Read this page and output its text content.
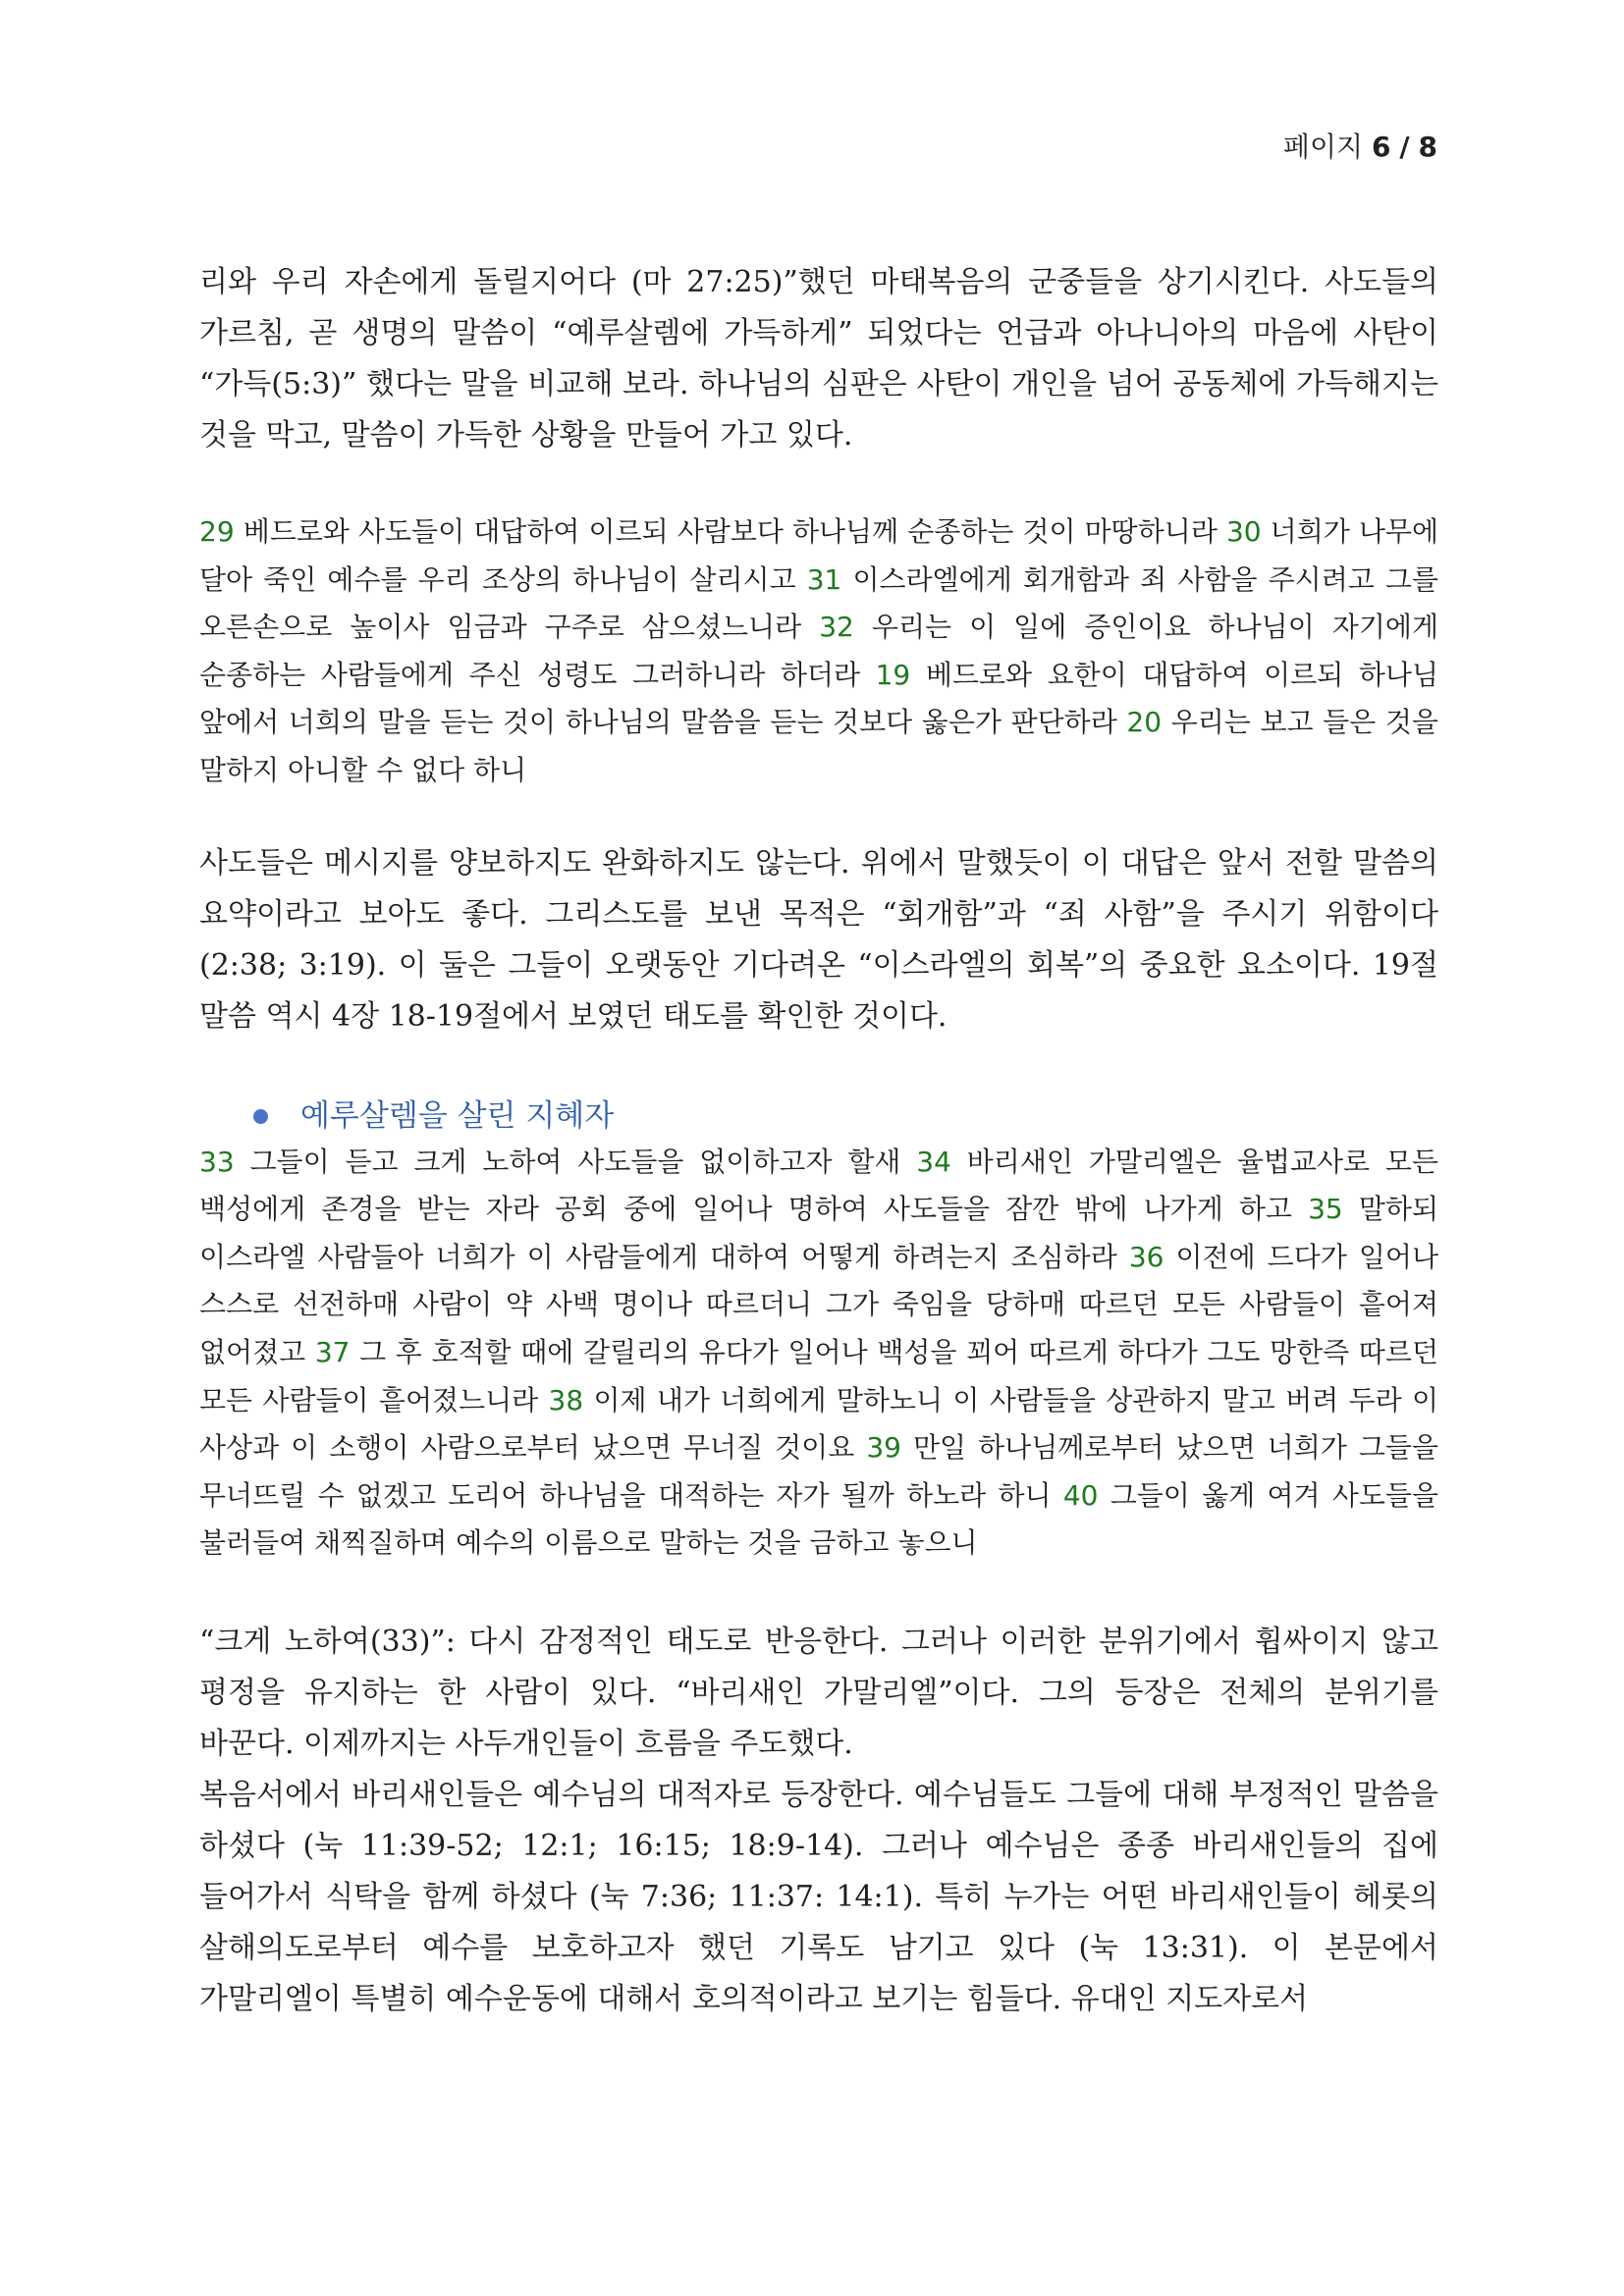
페이지 6 / 8

리와 우리 자손에게 돌릴지어다 (마 27:25)”했던 마태복음의 군중들을 상기시킨다. 사도들의 가르침, 곧 생명의 말씀이 “예루살렘에 가득하게” 되었다는 언급과 아나니아의 마음에 사탄이 “가득(5:3)” 했다는 말을 비교해 보라. 하나님의 심판은 사탄이 개인을 넘어 공동체에 가득해지는 것을 막고, 말씀이 가득한 상황을 만들어 가고 있다.

29 베드로와 사도들이 대답하여 이르되 사람보다 하나님께 순종하는 것이 마땅하니라 30 너희가 나무에 달아 죽인 예수를 우리 조상의 하나님이 살리시고 31 이스라엘에게 회개함과 죄 사함을 주시려고 그를 오른손으로 높이사 임금과 구주로 삼으셨느니라 32 우리는 이 일에 증인이요 하나님이 자기에게 순종하는 사람들에게 주신 성령도 그러하니라 하더라 19 베드로와 요한이 대답하여 이르되 하나님 앞에서 너희의 말을 듣는 것이 하나님의 말씀을 듣는 것보다 옳은가 판단하라 20 우리는 보고 들은 것을 말하지 아니할 수 없다 하니

사도들은 메시지를 양보하지도 완화하지도 않는다. 위에서 말했듯이 이 대답은 앞서 전할 말씀의 요약이라고 보아도 좋다. 그리스도를 보낸 목적은 “회개함”과 “죄 사함”을 주시기 위함이다 (2:38; 3:19). 이 둘은 그들이 오랫동안 기다려온 “이스라엘의 회복”의 중요한 요소이다. 19절 말씀 역시 4장 18-19절에서 보였던 태도를 확인한 것이다.

예루살렘을 살린 지혜자

33 그들이 듣고 크게 노하여 사도들을 없이하고자 할새 34 바리새인 가말리엘은 율법교사로 모든 백성에게 존경을 받는 자라 공회 중에 일어나 명하여 사도들을 잠깐 밖에 나가게 하고 35 말하되 이스라엘 사람들아 너희가 이 사람들에게 대하여 어떻게 하려는지 조심하라 36 이전에 드다가 일어나 스스로 선전하매 사람이 약 사백 명이나 따르더니 그가 죽임을 당하매 따르던 모든 사람들이 흩어져 없어졌고 37 그 후 호적할 때에 갈릴리의 유다가 일어나 백성을 꾀어 따르게 하다가 그도 망한즉 따르던 모든 사람들이 흩어졌느니라 38 이제 내가 너희에게 말하노니 이 사람들을 상관하지 말고 버려 두라 이 사상과 이 소행이 사람으로부터 났으면 무너질 것이요 39 만일 하나님께로부터 났으면 너희가 그들을 무너뜨릴 수 없겠고 도리어 하나님을 대적하는 자가 될까 하노라 하니 40 그들이 옳게 여겨 사도들을 불러들여 채찍질하며 예수의 이름으로 말하는 것을 금하고 놓으니

“크게 노하여(33)”: 다시 감정적인 태도로 반응한다. 그러나 이러한 분위기에서 휩싸이지 않고 평정을 유지하는 한 사람이 있다. “바리새인 가말리엘”이다. 그의 등장은 전체의 분위기를 바꾼다. 이제까지는 사두개인들이 흐름을 주도했다.

복음서에서 바리새인들은 예수님의 대적자로 등장한다. 예수님들도 그들에 대해 부정적인 말씀을 하셨다 (눅 11:39-52; 12:1; 16:15; 18:9-14). 그러나 예수님은 종종 바리새인들의 집에 들어가서 식탁을 함께 하셨다 (눅 7:36; 11:37: 14:1). 특히 누가는 어떤 바리새인들이 헤롯의 살해의도로부터 예수를 보호하고자 했던 기록도 남기고 있다 (눅 13:31). 이 본문에서 가말리엘이 특별히 예수운동에 대해서 호의적이라고 보기는 힘들다. 유대인 지도자로서
